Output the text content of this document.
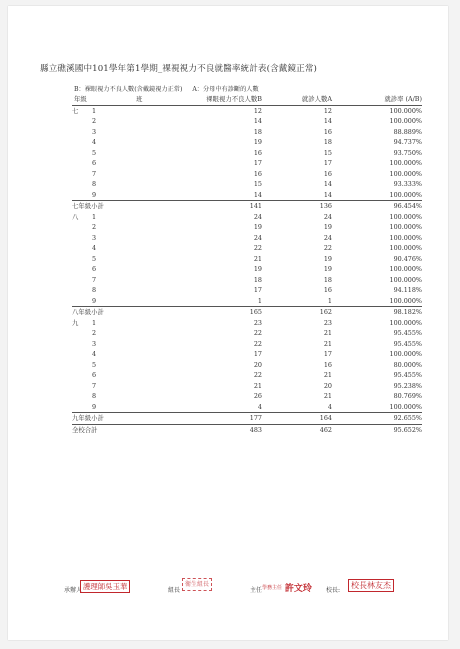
縣立礁溪國中101學年第1學期_裸視視力不良就醫率統計表(含戴鏡正常)
B：裸眼視力不良人數(含戴鏡視力正常) A：分母中有診斷的人數
年級	班	裸眼視力不良人數B	就診人數A	就診率 (A/B)
七	1	12	12	100.000%
	2	14	14	100.000%
	3	18	16	88.889%
	4	19	18	94.737%
	5	16	15	93.750%
	6	17	17	100.000%
	7	16	16	100.000%
	8	15	14	93.333%
	9	14	14	100.000%
七年級小計		141	136	96.454%
八	1	24	24	100.000%
	2	19	19	100.000%
	3	24	24	100.000%
	4	22	22	100.000%
	5	21	19	90.476%
	6	19	19	100.000%
	7	18	18	100.000%
	8	17	16	94.118%
	9	1	1	100.000%
八年級小計		165	162	98.182%
九	1	23	23	100.000%
	2	22	21	95.455%
	3	22	21	95.455%
	4	17	17	100.000%
	5	20	16	80.000%
	6	22	21	95.455%
	7	21	20	95.238%
	8	26	21	80.769%
	9	4	4	100.000%
九年級小計		177	164	92.655%
全校合計		483	462	95.652%
承辦人 護理師吳玉華	組長
衛生組長
主任 學務主任 許文玲 校長:
校長林友杰
